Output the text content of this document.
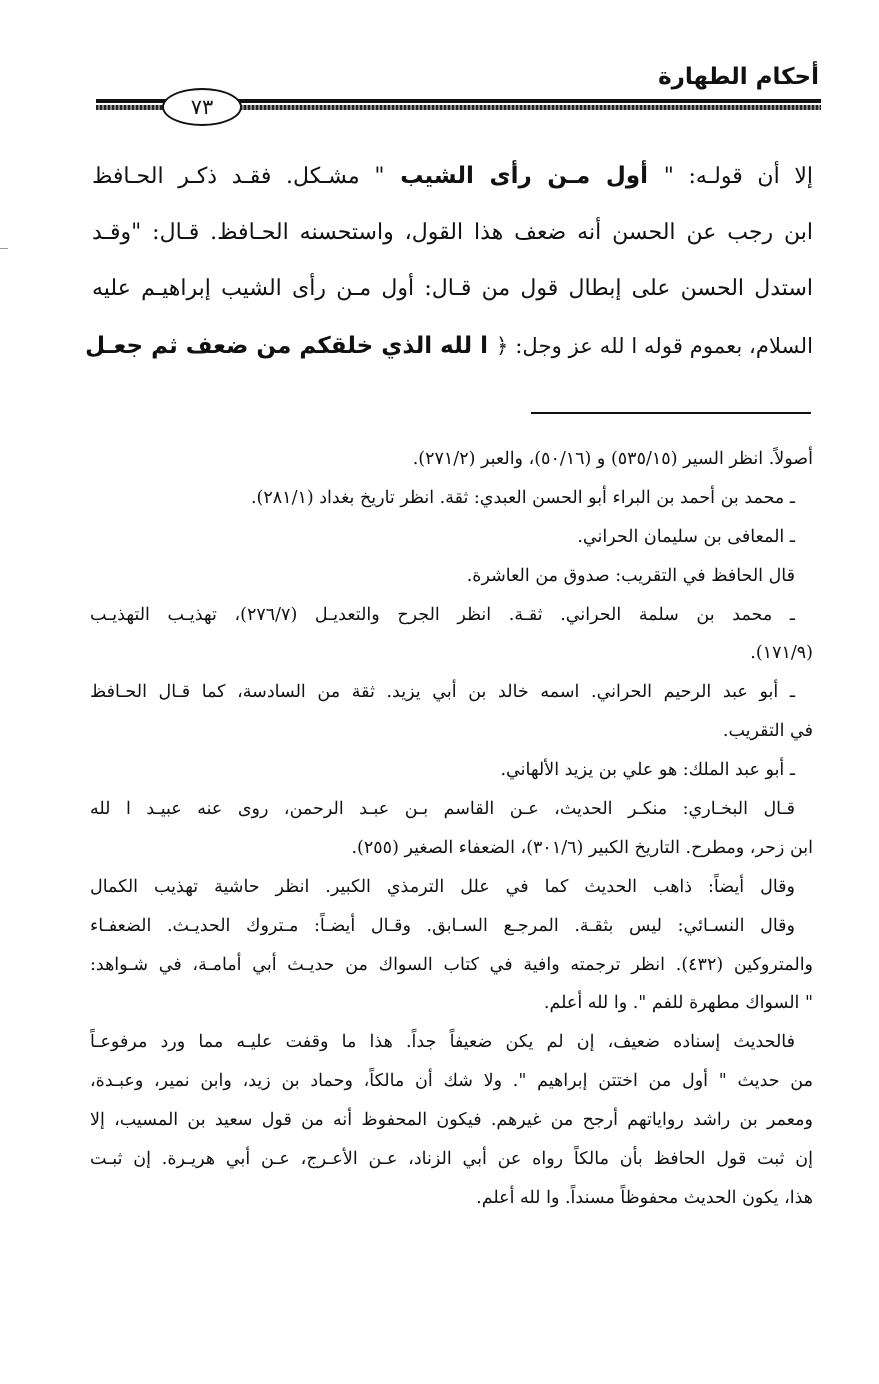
أحكام الطهارة
٧٣
إلا أن قولـه: " أول مـن رأى الشيب " مشـكل. فقـد ذكـر الحـافظ
ابن رجب عن الحسن أنه ضعف هذا القول، واستحسنه الحـافظ. قـال: "وقـد
استدل الحسن على إبطال قول من قـال: أول مـن رأى الشيب إبراهيـم عليه
السلام، بعموم قوله ا لله عز وجل: ﴿ ا لله الذي خلقكم من ضعف ثم جعـل
أصولاً. انظر السير (٥٣٥/١٥) و (٥٠/١٦)، والعبر (٢٧١/٢).
ـ محمد بن أحمد بن البراء أبو الحسن العبدي: ثقة. انظر تاريخ بغداد (٢٨١/١).
ـ المعافى بن سليمان الحراني.
قال الحافظ في التقريب: صدوق من العاشرة.
ـ محمد بن سلمة الحراني. ثقـة. انظر الجرح والتعديـل (٢٧٦/٧)، تهذيـب التهذيـب
(١٧١/٩).
ـ أبو عبد الرحيم الحراني. اسمه خالد بن أبي يزيد. ثقة من السادسة، كما قـال الحـافظ
في التقريب.
ـ أبو عبد الملك: هو علي بن يزيد الألهاني.
قـال البخـاري: منكـر الحديث، عـن القاسم بـن عبـد الرحمن، روى عنه عبيـد ا لله
ابن زحر، ومطرح. التاريخ الكبير (٣٠١/٦)، الضعفاء الصغير (٢٥٥).
وقال أيضاً: ذاهب الحديث كما في علل الترمذي الكبير. انظر حاشية تهذيب الكمال
وقال النسـائي: ليس بثقـة. المرجـع السـابق. وقـال أيضـاً: مـتروك الحديـث. الضعفـاء
والمتروكين (٤٣٢). انظر ترجمته وافية في كتاب السواك من حديـث أبي أمامـة، في شـواهد:
" السواك مطهرة للفم ". وا لله أعلم.
فالحديث إسناده ضعيف، إن لم يكن ضعيفاً جداً. هذا ما وقفت عليـه مما ورد مرفوعـاً
من حديث " أول من اختتن إبراهيم ". ولا شك أن مالكاً، وحماد بن زيد، وابن نمير، وعبـدة،
ومعمر بن راشد رواياتهم أرجح من غيرهم. فيكون المحفوظ أنه من قول سعيد بن المسيب، إلا
إن ثبت قول الحافظ بأن مالكاً رواه عن أبي الزناد، عـن الأعـرج، عـن أبي هريـرة. إن ثبـت
هذا، يكون الحديث محفوظاً مسنداً. وا لله أعلم.
